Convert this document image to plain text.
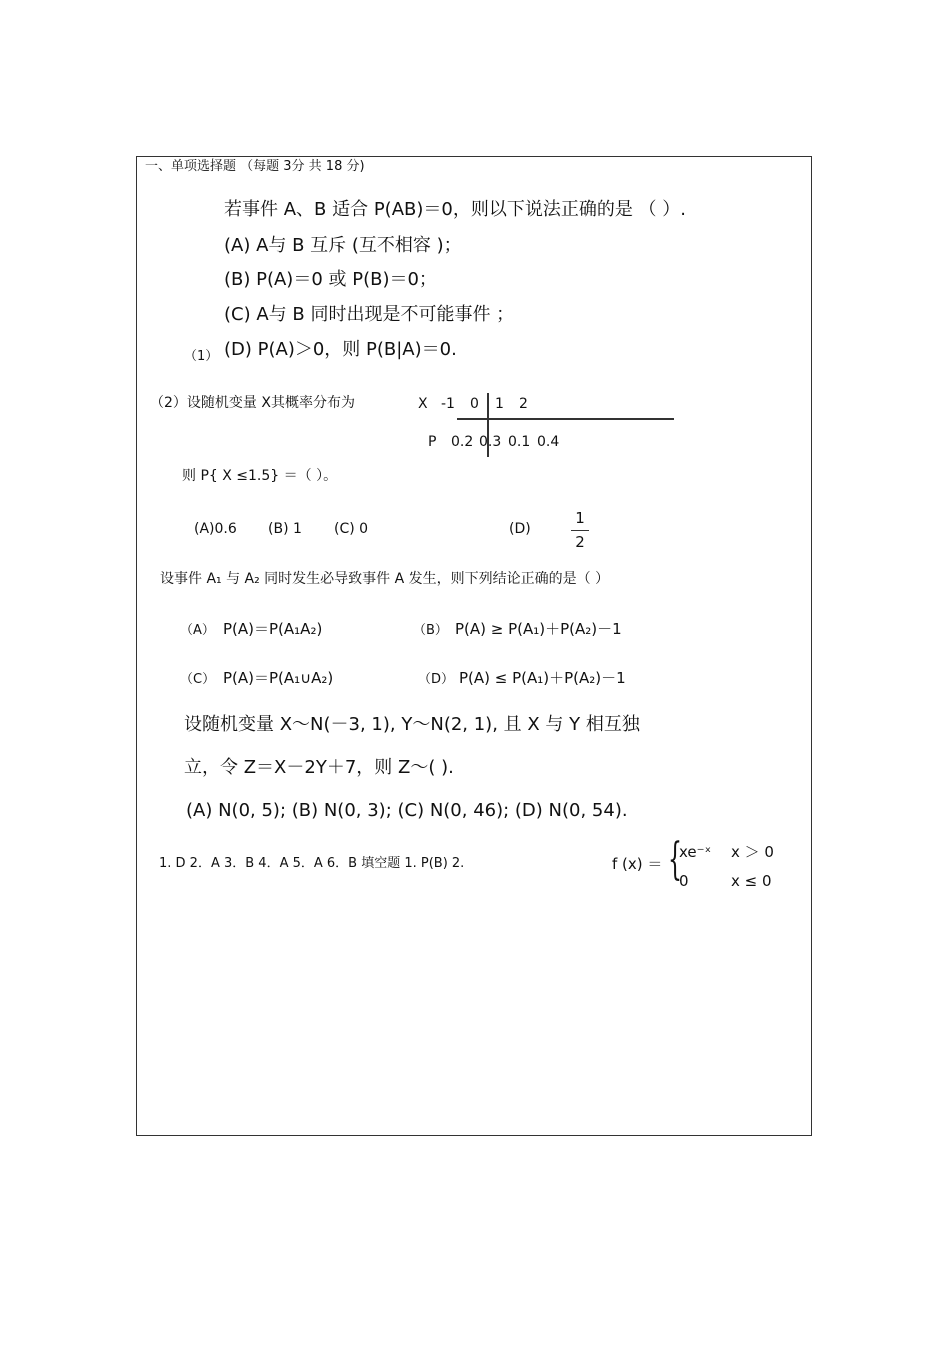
一、单项选择题 （每题 3分 共 18 分)
若事件 A、B 适合 P(AB)＝0，则以下说法正确的是 （ ）.
(A) A与 B 互斥 (互不相容 )；
(B) P(A)＝0 或 P(B)＝0；
(C) A与 B 同时出现是不可能事件 ；
（1） (D) P(A)＞0，则 P(B|A)＝0.
（2）设随机变量 X其概率分布为	X -1 0 1 2
P 0.2 0.3 0.1 0.4
则 P{ X ≤1.5} ＝（ ）。
(A)0.6 (B) 1 (C) 0	(D)
1
2
设事件 A₁ 与 A₂ 同时发生必导致事件 A 发生，则下列结论正确的是（ ）
（A） P(A)＝P(A₁A₂)	（B） P(A) ≥ P(A₁)＋P(A₂)－1
（C） P(A)＝P(A₁∪A₂)	（D） P(A) ≤ P(A₁)＋P(A₂)－1
设随机变量 X～N(－3, 1), Y～N(2, 1), 且 X 与 Y 相互独
立，令 Z＝X－2Y＋7，则 Z～( ).
(A) N(0, 5); (B) N(0, 3); (C) N(0, 46); (D) N(0, 54).
1. D 2．A 3．B 4．A 5．A 6．B 填空题 1. P(B) 2.	f (x) ＝ {
xe⁻ˣ x ＞ 0
0	x ≤ 0
